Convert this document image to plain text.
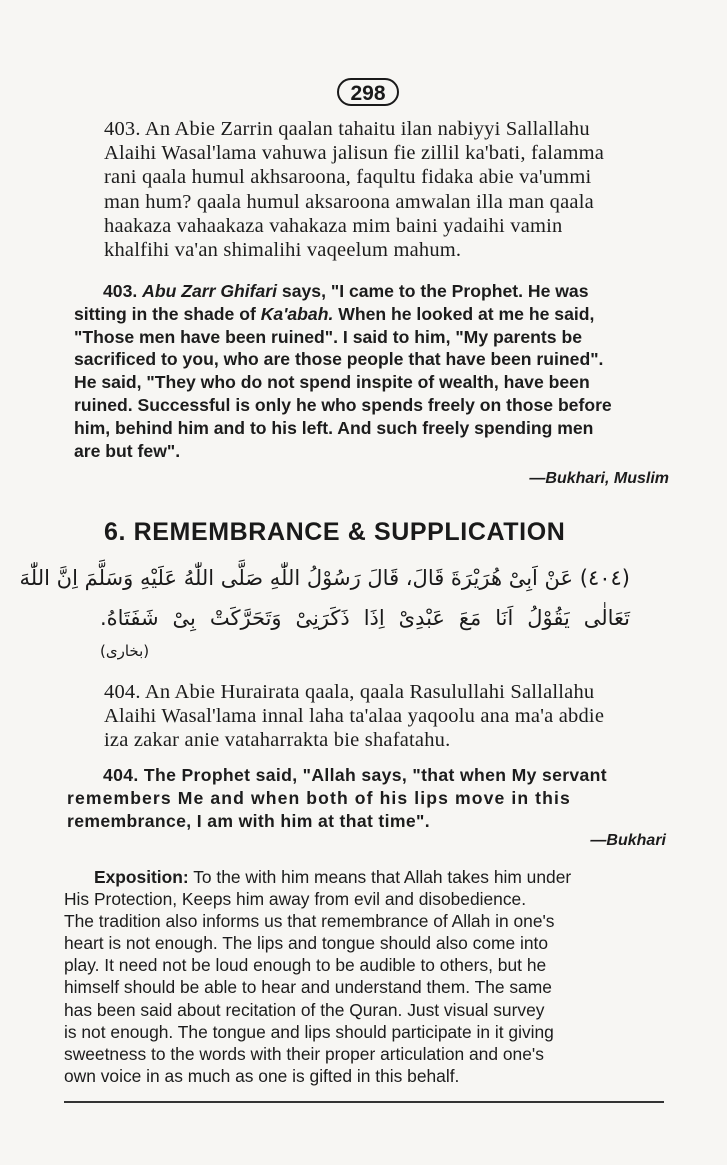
298
403. An Abie Zarrin qaalan tahaitu ilan nabiyyi Sallallahu
Alaihi Wasal'lama vahuwa jalisun fie zillil ka'bati, falamma
rani qaala humul akhsaroona, faqultu fidaka abie va'ummi
man hum? qaala humul aksaroona amwalan illa man qaala
haakaza vahaakaza vahakaza mim baini yadaihi vamin
khalfihi va'an shimalihi vaqeelum mahum.
403. Abu Zarr Ghifari says, "I came to the Prophet. He was
sitting in the shade of Ka'abah. When he looked at me he said,
"Those men have been ruined". I said to him, "My parents be
sacrificed to you, who are those people that have been ruined".
He said, "They who do not spend inspite of wealth, have been
ruined. Successful is only he who spends freely on those before
him, behind him and to his left. And such freely spending men
are but few".
—Bukhari, Muslim
6. REMEMBRANCE & SUPPLICATION
(٤٠٤) عَنْ اَبِیْ هُرَيْرَةَ قَالَ، قَالَ رَسُوْلُ اللّٰهِ صَلَّی اللّٰهُ عَلَيْهِ وَسَلَّمَ اِنَّ اللّٰهَ
تَعَالٰی يَقُوْلُ اَنَا مَعَ عَبْدِیْ اِذَا ذَكَرَنِیْ وَتَحَرَّكَتْ بِیْ شَفَتَاهُ.
(بخاری)
404. An Abie Hurairata qaala, qaala Rasulullahi Sallallahu
Alaihi Wasal'lama innal laha ta'alaa yaqoolu ana ma'a abdie
iza zakar anie vataharrakta bie shafatahu.
404. The Prophet said, "Allah says, "that when My servant
remembers Me and when both of his lips move in this
remembrance, I am with him at that time".
—Bukhari
Exposition: To the with him means that Allah takes him under
His Protection, Keeps him away from evil and disobedience.
The tradition also informs us that remembrance of Allah in one's
heart is not enough. The lips and tongue should also come into
play. It need not be loud enough to be audible to others, but he
himself should be able to hear and understand them. The same
has been said about recitation of the Quran. Just visual survey
is not enough. The tongue and lips should participate in it giving
sweetness to the words with their proper articulation and one's
own voice in as much as one is gifted in this behalf.
